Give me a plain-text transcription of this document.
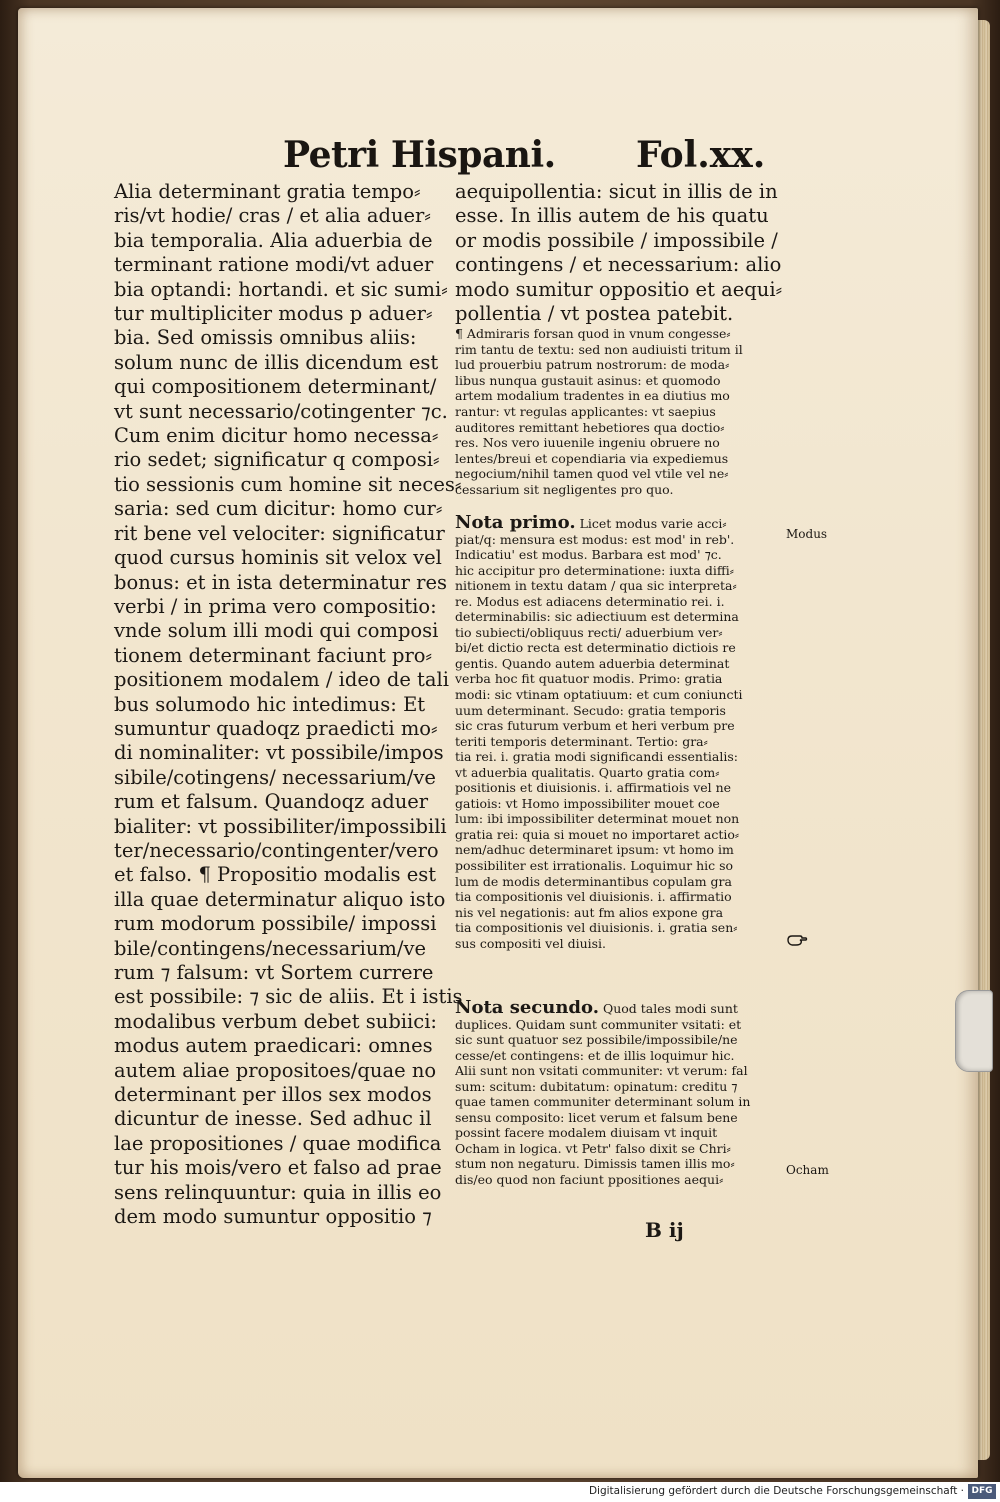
Petri Hispani. Fol.xx.
Alia determinant gratia tempo⸗
ris/vt hodie/ cras / et alia aduer⸗
bia temporalia. Alia aduerbia de
terminant ratione modi/vt aduer
bia optandi: hortandi. et sic sumi⸗
tur multipliciter modus p aduer⸗
bia. Sed omissis omnibus aliis:
solum nunc de illis dicendum est
qui compositionem determinant/
vt sunt necessario/cotingenter ⁊c.
Cum enim dicitur homo necessa⸗
rio sedet; significatur q composi⸗
tio sessionis cum homine sit neces⸗
saria: sed cum dicitur: homo cur⸗
rit bene vel velociter: significatur
quod cursus hominis sit velox vel
bonus: et in ista determinatur res
verbi / in prima vero compositio:
vnde solum illi modi qui composi
tionem determinant faciunt pro⸗
positionem modalem / ideo de tali
bus solumodo hic intedimus: Et
sumuntur quadoqz praedicti mo⸗
di nominaliter: vt possibile/impos
sibile/cotingens/ necessarium/ve
rum et falsum. Quandoqz aduer
bialiter: vt possibiliter/impossibili
ter/necessario/contingenter/vero
et falso. ¶ Propositio modalis est
illa quae determinatur aliquo isto
rum modorum possibile/ impossi
bile/contingens/necessarium/ve
rum ⁊ falsum: vt Sortem currere
est possibile: ⁊ sic de aliis. Et i istis
modalibus verbum debet subiici:
modus autem praedicari: omnes
autem aliae propositoes/quae no
determinant per illos sex modos
dicuntur de inesse. Sed adhuc il
lae propositiones / quae modifica
tur his mois/vero et falso ad prae
sens relinquuntur: quia in illis eo
dem modo sumuntur oppositio ⁊
aequipollentia: sicut in illis de in
esse. In illis autem de his quatu
or modis possibile / impossibile /
contingens / et necessarium: alio
modo sumitur oppositio et aequi⸗
pollentia / vt postea patebit.
¶ Admiraris forsan quod in vnum congesse⸗
rim tantu de textu: sed non audiuisti tritum il
lud prouerbiu patrum nostrorum: de moda⸗
libus nunqua gustauit asinus: et quomodo
artem modalium tradentes in ea diutius mo
rantur: vt regulas applicantes: vt saepius
auditores remittant hebetiores qua doctio⸗
res. Nos vero iuuenile ingeniu obruere no
lentes/breui et copendiaria via expediemus
negocium/nihil tamen quod vel vtile vel ne⸗
cessarium sit negligentes pro quo.
Nota primo. Licet modus varie acci⸗
piat/q: mensura est modus: est mod' in reb'.
Indicatiu' est modus. Barbara est mod' ⁊c.
hic accipitur pro determinatione: iuxta diffi⸗
nitionem in textu datam / qua sic interpreta⸗
re. Modus est adiacens determinatio rei. i.
determinabilis: sic adiectiuum est determina
tio subiecti/obliquus recti/ aduerbium ver⸗
bi/et dictio recta est determinatio dictiois re
gentis. Quando autem aduerbia determinat
verba hoc fit quatuor modis. Primo: gratia
modi: sic vtinam optatiuum: et cum coniuncti
uum determinant. Secudo: gratia temporis
sic cras futurum verbum et heri verbum pre
teriti temporis determinant. Tertio: gra⸗
tia rei. i. gratia modi significandi essentialis:
vt aduerbia qualitatis. Quarto gratia com⸗
positionis et diuisionis. i. affirmatiois vel ne
gatiois: vt Homo impossibiliter mouet coe
lum: ibi impossibiliter determinat mouet non
gratia rei: quia si mouet no importaret actio⸗
nem/adhuc determinaret ipsum: vt homo im
possibiliter est irrationalis. Loquimur hic so
lum de modis determinantibus copulam gra
tia compositionis vel diuisionis. i. affirmatio
nis vel negationis: aut fm alios expone gra
tia compositionis vel diuisionis. i. gratia sen⸗
sus compositi vel diuisi.
Nota secundo. Quod tales modi sunt
duplices. Quidam sunt communiter vsitati: et
sic sunt quatuor sez possibile/impossibile/ne
cesse/et contingens: et de illis loquimur hic.
Alii sunt non vsitati communiter: vt verum: fal
sum: scitum: dubitatum: opinatum: creditu ⁊
quae tamen communiter determinant solum in
sensu composito: licet verum et falsum bene
possint facere modalem diuisam vt inquit
Ocham in logica. vt Petr' falso dixit se Chri⸗
stum non negaturu. Dimissis tamen illis mo⸗
dis/eo quod non faciunt ppositiones aequi⸗
B ij
Modus
Ocham
Digitalisierung gefördert durch die Deutsche Forschungsgemeinschaft · DFG
